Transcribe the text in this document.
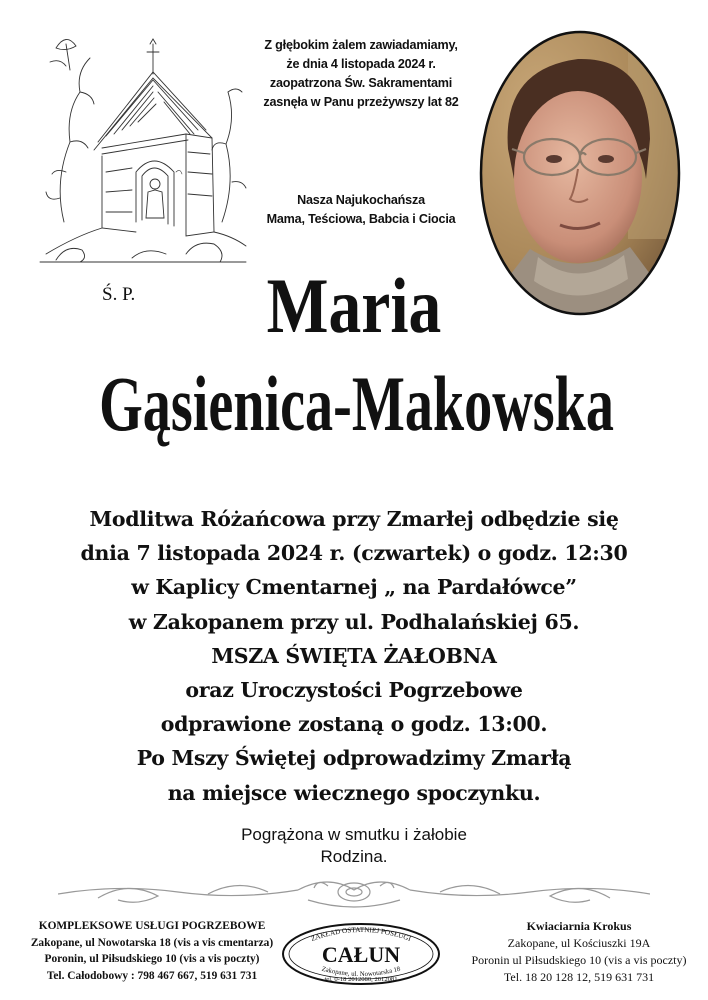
Z głębokim żalem zawiadamiamy,
że dnia 4 listopada 2024 r.
zaopatrzona Św. Sakramentami
zasnęła w Panu przeżywszy lat 82
Nasza Najukochańsza
Mama, Teściowa, Babcia i Ciocia
Ś. P.	Maria
Gąsienica-Makowska
Modlitwa Różańcowa przy Zmarłej odbędzie się
dnia 7 listopada 2024 r. (czwartek) o godz. 12:30
w Kaplicy Cmentarnej „ na Pardałówce”
w Zakopanem przy ul. Podhalańskiej 65.
MSZA ŚWIĘTA ŻAŁOBNA
oraz Uroczystości Pogrzebowe
odprawione zostaną o godz. 13:00.
Po Mszy Świętej odprowadzimy Zmarłą
na miejsce wiecznego spoczynku.
Pogrążona w smutku i żałobie
Rodzina.
KOMPLEKSOWE USŁUGI POGRZEBOWE
Zakopane, ul Nowotarska 18 (vis a vis cmentarza)
Poronin, ul Piłsudskiego 10 (vis a vis poczty)
Tel. Całodobowy : 798 467 667, 519 631 731
ZAKŁAD OSTATNIEJ POSŁUGI
CAŁUN
Zakopane, ul. Nowotarska 18
tel. 0-18 2012080, 2012081
Kwiaciarnia Krokus
Zakopane, ul Kościuszki 19A
Poronin ul Piłsudskiego 10 (vis a vis poczty)
Tel. 18 20 128 12, 519 631 731
